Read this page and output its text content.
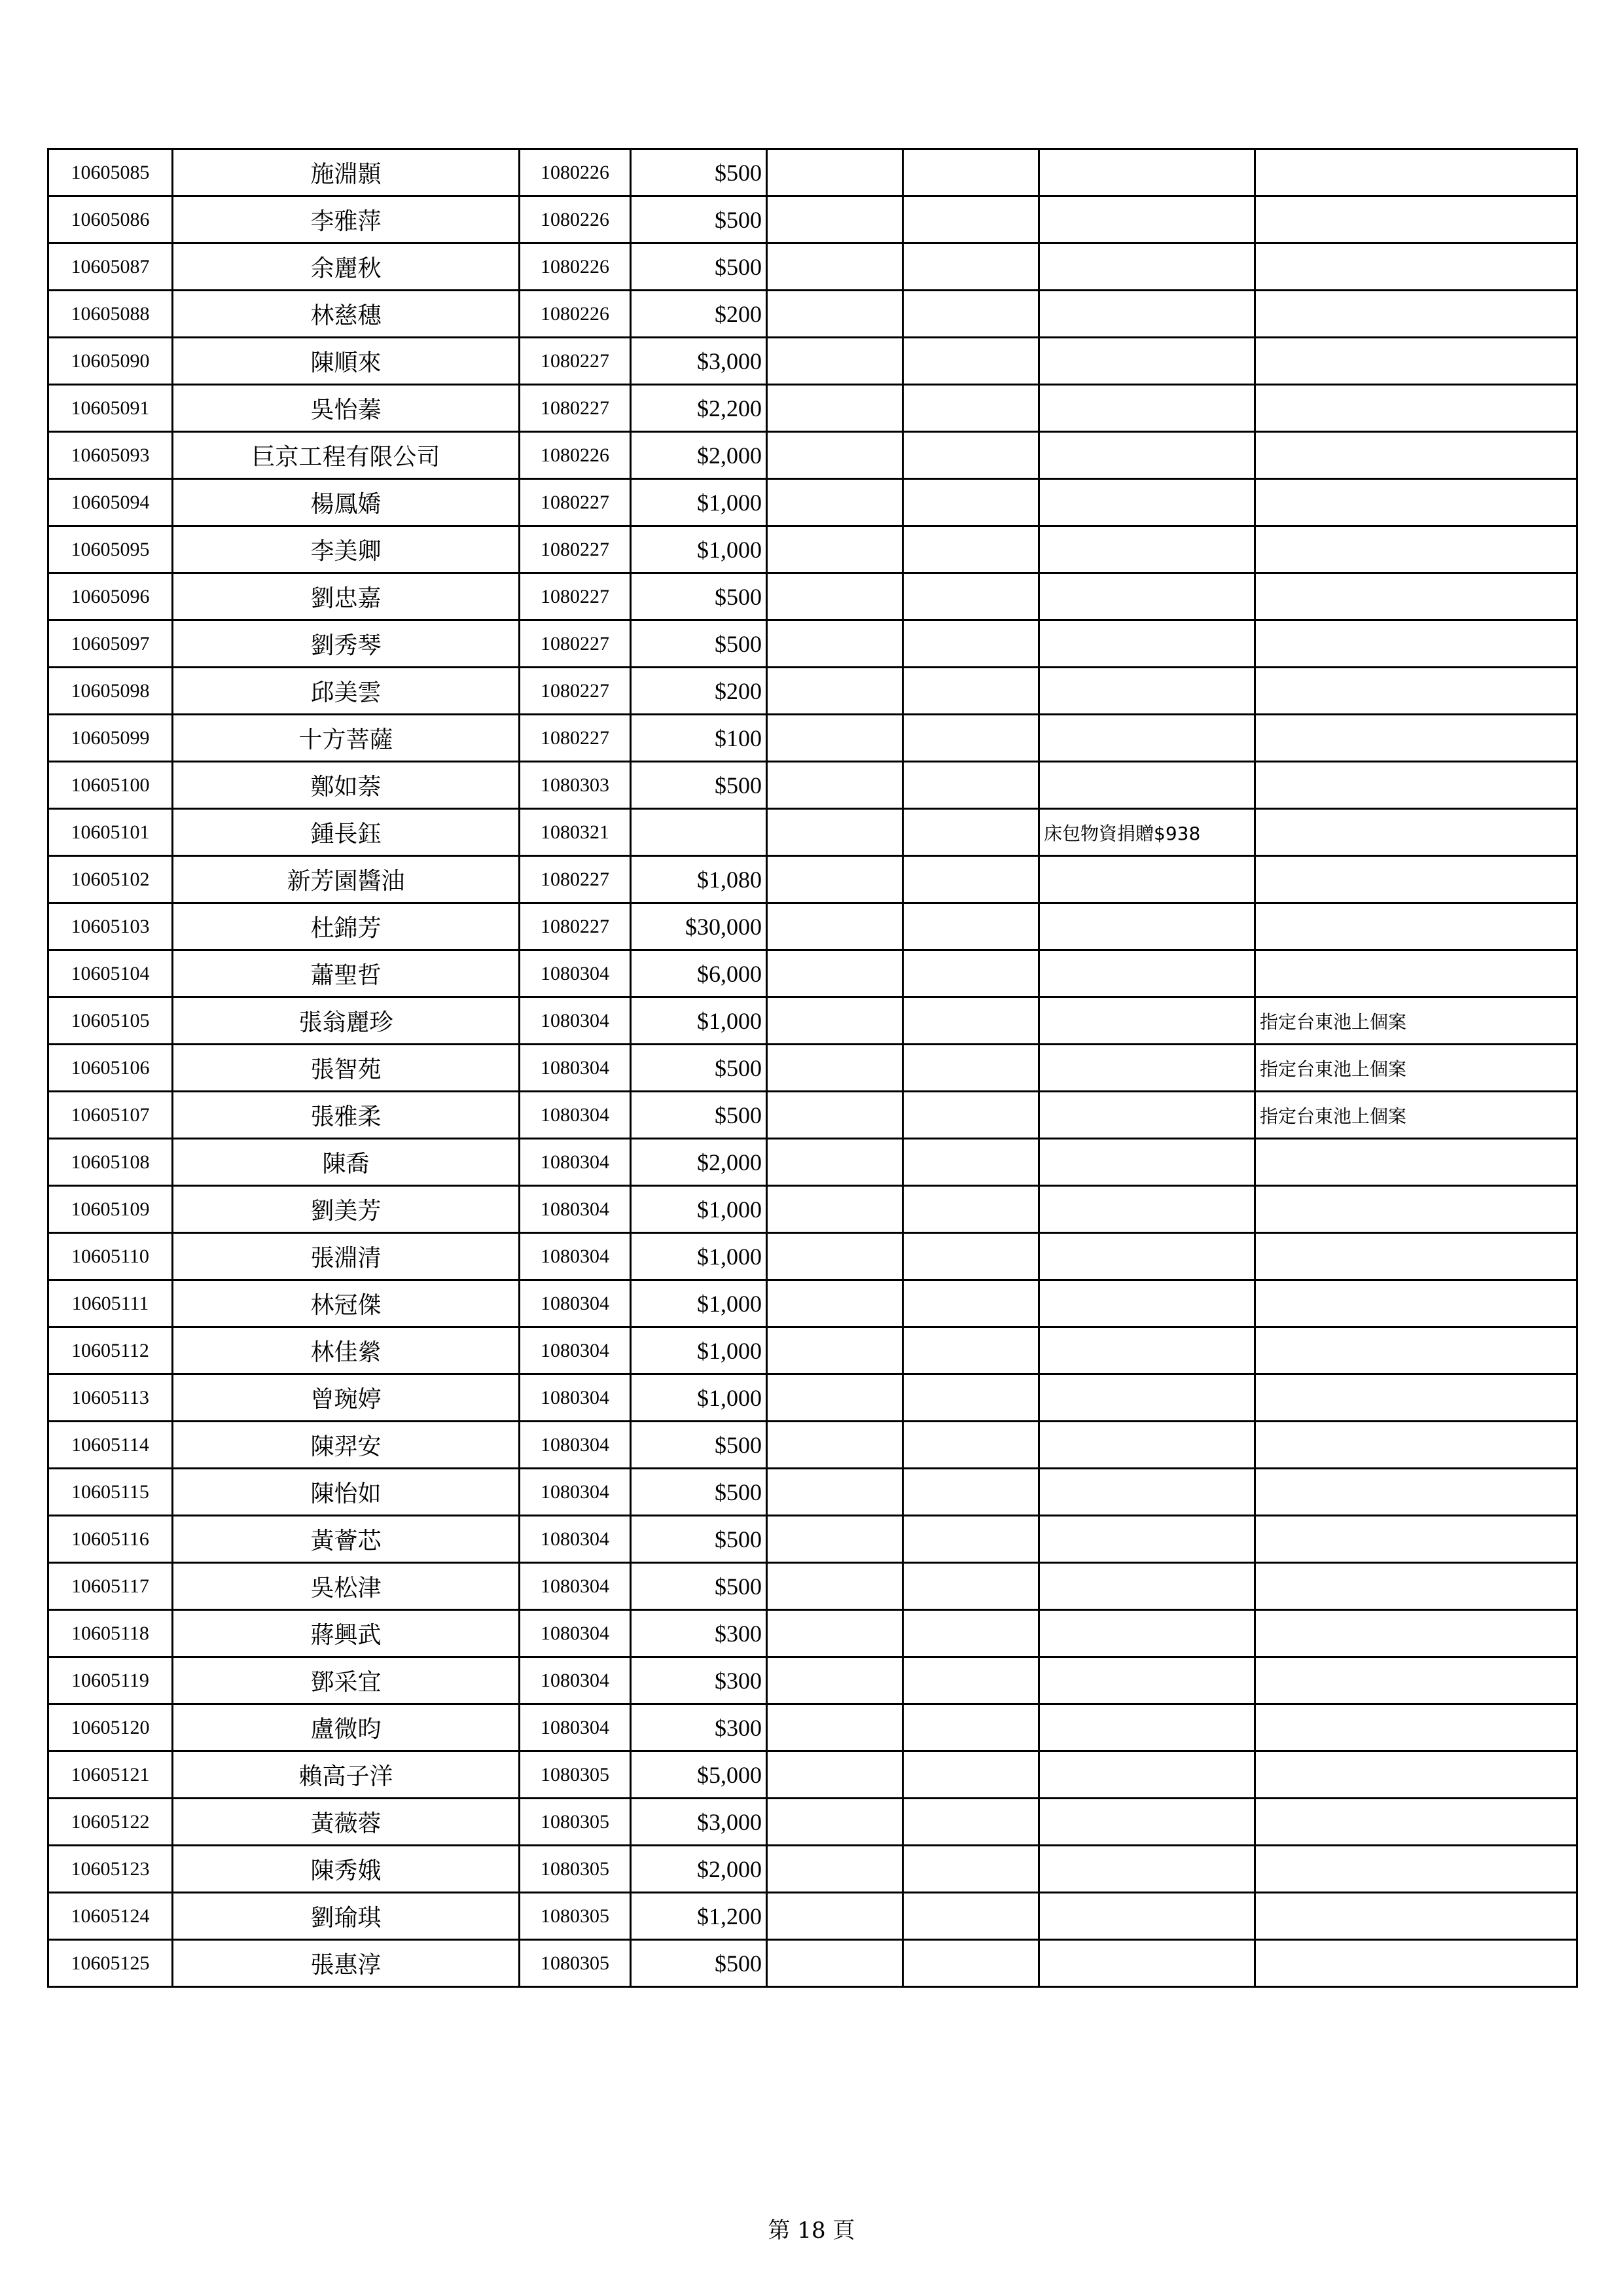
10605085	施淵顥	1080226	$500				
10605086	李雅萍	1080226	$500				
10605087	余麗秋	1080226	$500				
10605088	林慈穗	1080226	$200				
10605090	陳順來	1080227	$3,000				
10605091	吳怡蓁	1080227	$2,200				
10605093	巨京工程有限公司	1080226	$2,000				
10605094	楊鳳嬌	1080227	$1,000				
10605095	李美卿	1080227	$1,000				
10605096	劉忠嘉	1080227	$500				
10605097	劉秀琴	1080227	$500				
10605098	邱美雲	1080227	$200				
10605099	十方菩薩	1080227	$100				
10605100	鄭如萘	1080303	$500				
10605101	鍾長鈺	1080321				床包物資捐贈$938	
10605102	新芳園醬油	1080227	$1,080				
10605103	杜錦芳	1080227	$30,000				
10605104	蕭聖哲	1080304	$6,000				
10605105	張翁麗珍	1080304	$1,000				指定台東池上個案
10605106	張智苑	1080304	$500				指定台東池上個案
10605107	張雅柔	1080304	$500				指定台東池上個案
10605108	陳喬	1080304	$2,000				
10605109	劉美芳	1080304	$1,000				
10605110	張淵清	1080304	$1,000				
10605111	林冠傑	1080304	$1,000				
10605112	林佳縈	1080304	$1,000				
10605113	曾琬婷	1080304	$1,000				
10605114	陳羿安	1080304	$500				
10605115	陳怡如	1080304	$500				
10605116	黃薈芯	1080304	$500				
10605117	吳松津	1080304	$500				
10605118	蔣興武	1080304	$300				
10605119	鄧采宜	1080304	$300				
10605120	盧微昀	1080304	$300				
10605121	賴高子洋	1080305	$5,000				
10605122	黃薇蓉	1080305	$3,000				
10605123	陳秀娥	1080305	$2,000				
10605124	劉瑜琪	1080305	$1,200				
10605125	張惠淳	1080305	$500				
第 18 頁
